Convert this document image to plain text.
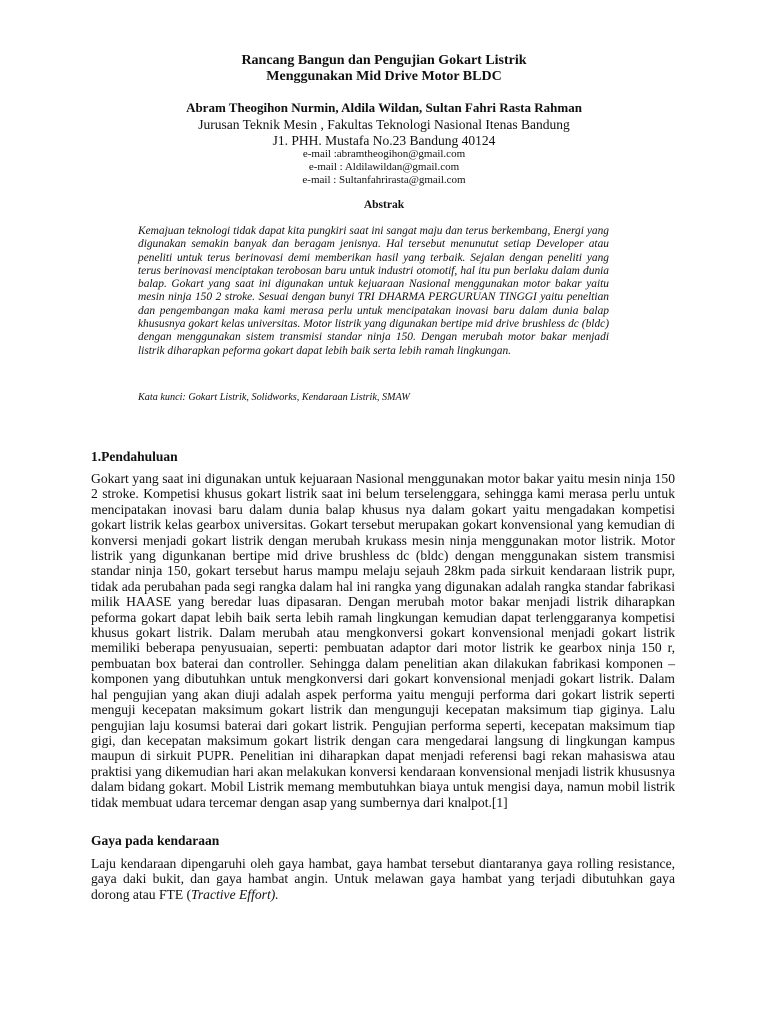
Rancang Bangun dan Pengujian Gokart Listrik
Menggunakan Mid Drive Motor BLDC
Abram Theogihon Nurmin, Aldila Wildan, Sultan Fahri Rasta Rahman
Jurusan Teknik Mesin , Fakultas Teknologi Nasional Itenas Bandung
J1. PHH. Mustafa No.23 Bandung 40124
e-mail :abramtheogihon@gmail.com
e-mail : Aldilawildan@gmail.com
e-mail : Sultanfahrirasta@gmail.com
Abstrak
Kemajuan teknologi tidak dapat kita pungkiri saat ini sangat maju dan terus berkembang, Energi yang digunakan semakin banyak dan beragam jenisnya. Hal tersebut menunutut setiap Developer atau peneliti untuk terus berinovasi demi memberikan hasil yang terbaik. Sejalan dengan peneliti yang terus berinovasi menciptakan terobosan baru untuk industri otomotif, hal itu pun berlaku dalam dunia balap. Gokart yang saat ini digunakan untuk kejuaraan Nasional menggunakan motor bakar yaitu mesin ninja 150 2 stroke. Sesuai dengan bunyi TRI DHARMA PERGURUAN TINGGI yaitu peneltian dan pengembangan maka kami merasa perlu untuk mencipatakan inovasi baru dalam dunia balap khususnya gokart kelas universitas. Motor listrik yang digunakan bertipe mid drive brushless dc (bldc) dengan menggunakan sistem transmisi standar ninja 150. Dengan merubah motor bakar menjadi listrik diharapkan peforma gokart dapat lebih baik serta lebih ramah lingkungan.
Kata kunci: Gokart Listrik, Solidworks, Kendaraan Listrik, SMAW
1.Pendahuluan
Gokart yang saat ini digunakan untuk kejuaraan Nasional menggunakan motor bakar yaitu mesin ninja 150 2 stroke. Kompetisi khusus gokart listrik saat ini belum terselenggara, sehingga kami merasa perlu untuk mencipatakan inovasi baru dalam dunia balap khusus nya dalam gokart yaitu mengadakan kompetisi gokart listrik kelas gearbox universitas. Gokart tersebut merupakan gokart konvensional yang kemudian di konversi menjadi gokart listrik dengan merubah krukass mesin ninja menggunakan motor listrik. Motor listrik yang digunkanan bertipe mid drive brushless dc (bldc) dengan menggunakan sistem transmisi standar ninja 150, gokart tersebut harus mampu melaju sejauh 28km pada sirkuit kendaraan listrik pupr, tidak ada perubahan pada segi rangka dalam hal ini rangka yang digunakan adalah rangka standar fabrikasi milik HAASE yang beredar luas dipasaran. Dengan merubah motor bakar menjadi listrik diharapkan peforma gokart dapat lebih baik serta lebih ramah lingkungan kemudian dapat terlenggaranya kompetisi khusus gokart listrik. Dalam merubah atau mengkonversi gokart konvensional menjadi gokart listrik memiliki beberapa penyusuaian, seperti: pembuatan adaptor dari motor listrik ke gearbox ninja 150 r, pembuatan box baterai dan controller. Sehingga dalam penelitian akan dilakukan fabrikasi komponen – komponen yang dibutuhkan untuk mengkonversi dari gokart konvensional menjadi gokart listrik. Dalam hal pengujian yang akan diuji adalah aspek performa yaitu menguji performa dari gokart listrik seperti menguji kecepatan maksimum gokart listrik dan mengunguji kecepatan maksimum tiap giginya. Lalu pengujian laju kosumsi baterai dari gokart listrik. Pengujian performa seperti, kecepatan maksimum tiap gigi, dan kecepatan maksimum gokart listrik dengan cara mengedarai langsung di lingkungan kampus maupun di sirkuit PUPR. Penelitian ini diharapkan dapat menjadi referensi bagi rekan mahasiswa atau praktisi yang dikemudian hari akan melakukan konversi kendaraan konvensional menjadi listrik khususnya dalam bidang gokart. Mobil Listrik memang membutuhkan biaya untuk mengisi daya, namun mobil listrik tidak membuat udara tercemar dengan asap yang sumbernya dari knalpot.[1]
Gaya pada kendaraan
Laju kendaraan dipengaruhi oleh gaya hambat, gaya hambat tersebut diantaranya gaya rolling resistance, gaya daki bukit, dan gaya hambat angin. Untuk melawan gaya hambat yang terjadi dibutuhkan gaya dorong atau FTE (Tractive Effort).
